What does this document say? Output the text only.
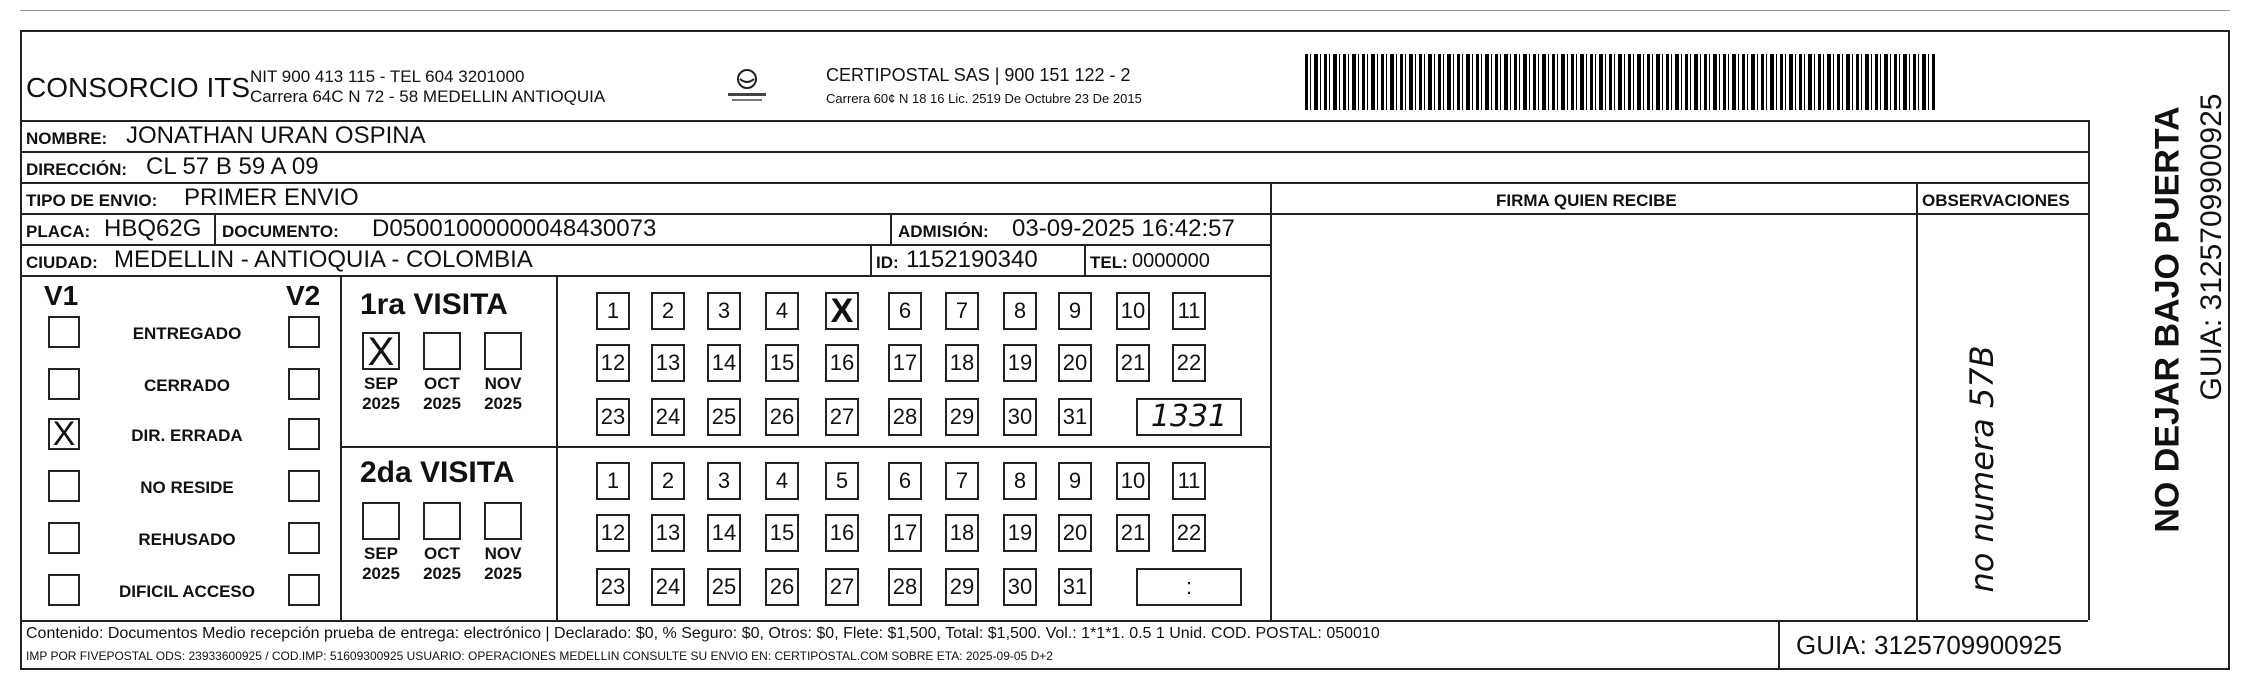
CONSORCIO ITS NIT 900 413 115 - TEL 604 3201000
Carrera 64C N 72 - 58 MEDELLIN ANTIOQUIA
CERTIPOSTAL SAS | 900 151 122 - 2
Carrera 60¢ N 18 16 Lic. 2519 De Octubre 23 De 2015
NOMBRE: JONATHAN URAN OSPINA
DIRECCIÓN: CL 57 B 59 A 09
TIPO DE ENVIO: PRIMER ENVIO	FIRMA QUIEN RECIBE	OBSERVACIONES
PLACA: HBQ62G DOCUMENTO: D05001000000048430073	ADMISIÓN: 03-09-2025 16:42:57
CIUDAD: MEDELLIN - ANTIOQUIA - COLOMBIA	ID: 1152190340	TEL: 0000000
V1	V2
ENTREGADO
CERRADO
X	DIR. ERRADA
NO RESIDE
REHUSADO
DIFICIL ACCESO
1ra VISITA
2da VISITA
X
SEP
2025
OCT
2025
NOV
2025
1	2	3	4	X	6	7	8	9	10 11
12 13 14 15 16 17 18 19 20 21 22
23 24 25 26 27 28 29 30 31	1331
SEP
2025
OCT
2025
NOV
2025
1	2	3	4	5	6	7	8	9	10 11
12 13 14 15 16 17 18 19 20 21 22
23 24 25 26 27 28 29 30 31	:	no numera 57B	NO DEJAR BAJO PUERTA GUIA: 3125709900925
Contenido: Documentos Medio recepción prueba de entrega: electrónico | Declarado: $0, % Seguro: $0, Otros: $0, Flete: $1,500, Total: $1,500. Vol.: 1*1*1. 0.5 1 Unid. COD. POSTAL: 050010
IMP POR FIVEPOSTAL ODS: 23933600925 / COD.IMP: 51609300925 USUARIO: OPERACIONES MEDELLIN CONSULTE SU ENVIO EN: CERTIPOSTAL.COM SOBRE ETA: 2025-09-05 D+2	GUIA: 3125709900925
